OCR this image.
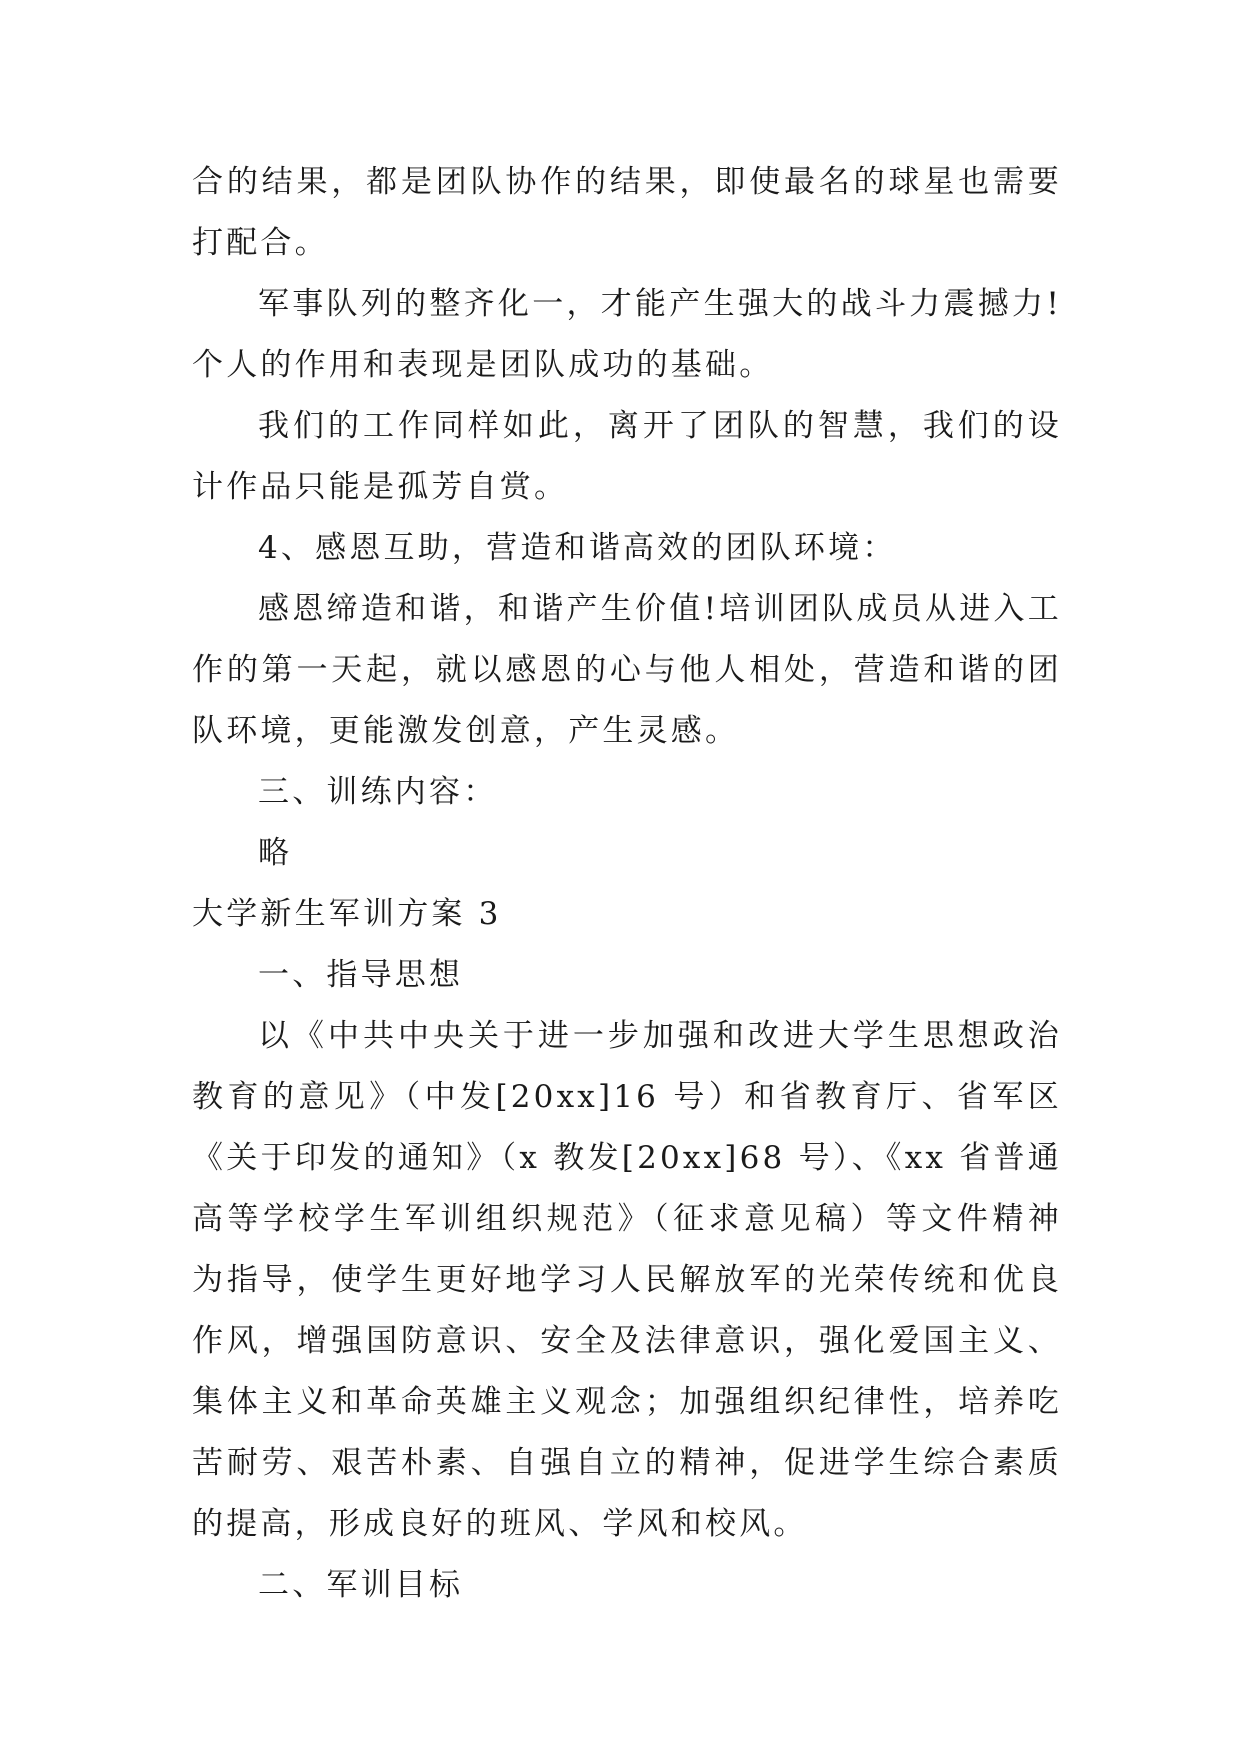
合的结果，都是团队协作的结果，即使最名的球星也需要打配合。

军事队列的整齐化一，才能产生强大的战斗力震撼力!个人的作用和表现是团队成功的基础。

我们的工作同样如此，离开了团队的智慧，我们的设计作品只能是孤芳自赏。

4、感恩互助，营造和谐高效的团队环境：

感恩缔造和谐，和谐产生价值!培训团队成员从进入工作的第一天起，就以感恩的心与他人相处，营造和谐的团队环境，更能激发创意，产生灵感。

三、训练内容：

略

大学新生军训方案 3

一、指导思想

以《中共中央关于进一步加强和改进大学生思想政治教育的意见》（中发[20xx]16 号）和省教育厅、省军区《关于印发的通知》（x 教发[20xx]68 号）、《xx 省普通高等学校学生军训组织规范》（征求意见稿）等文件精神为指导，使学生更好地学习人民解放军的光荣传统和优良作风，增强国防意识、安全及法律意识，强化爱国主义、集体主义和革命英雄主义观念；加强组织纪律性，培养吃苦耐劳、艰苦朴素、自强自立的精神，促进学生综合素质的提高，形成良好的班风、学风和校风。

二、军训目标
